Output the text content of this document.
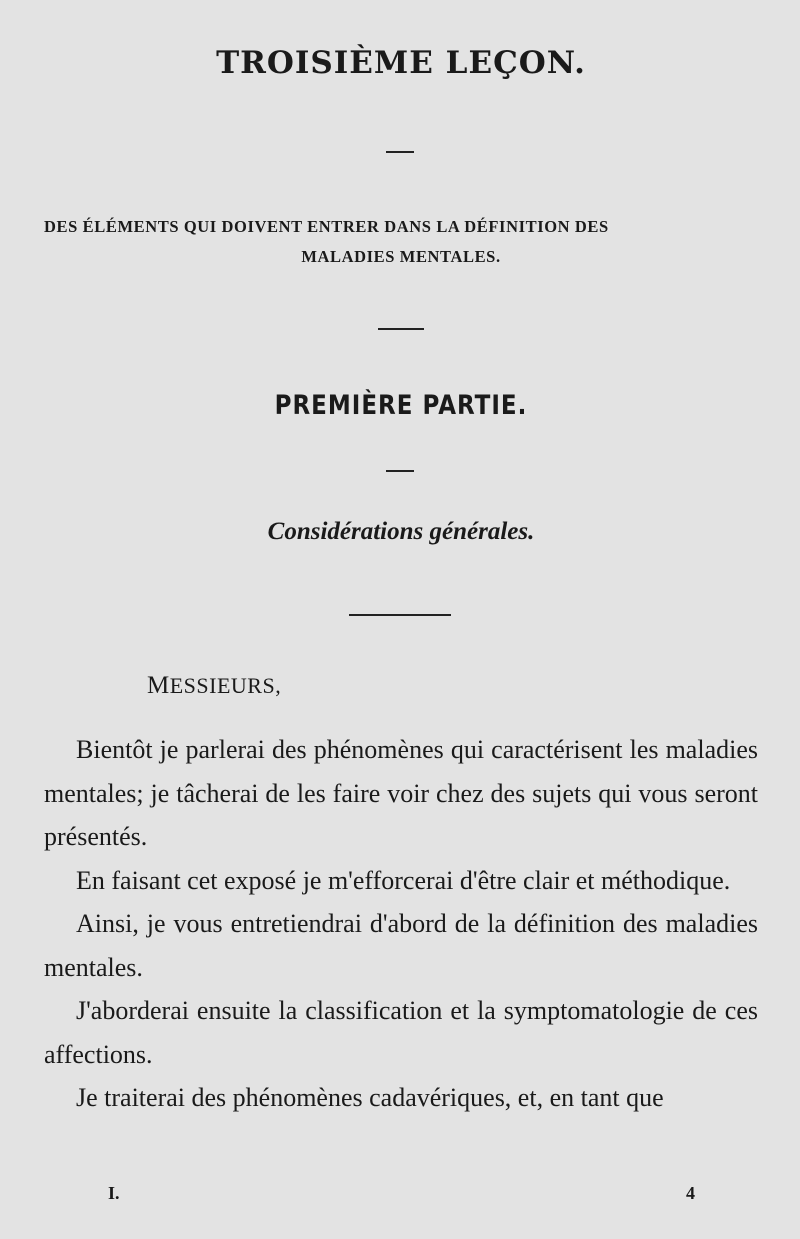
TROISIÈME LEÇON.

DES ÉLÉMENTS QUI DOIVENT ENTRER DANS LA DÉFINITION DES
MALADIES MENTALES.

PREMIÈRE PARTIE.
Considérations générales.

MESSIEURS,

Bientôt je parlerai des phénomènes qui caractérisent les maladies mentales; je tâcherai de les faire voir chez des sujets qui vous seront présentés.

En faisant cet exposé je m'efforcerai d'être clair et méthodique.

Ainsi, je vous entretiendrai d'abord de la définition des maladies mentales.

J'aborderai ensuite la classification et la symptomatologie de ces affections.

Je traiterai des phénomènes cadavériques, et, en tant que

I.	4
